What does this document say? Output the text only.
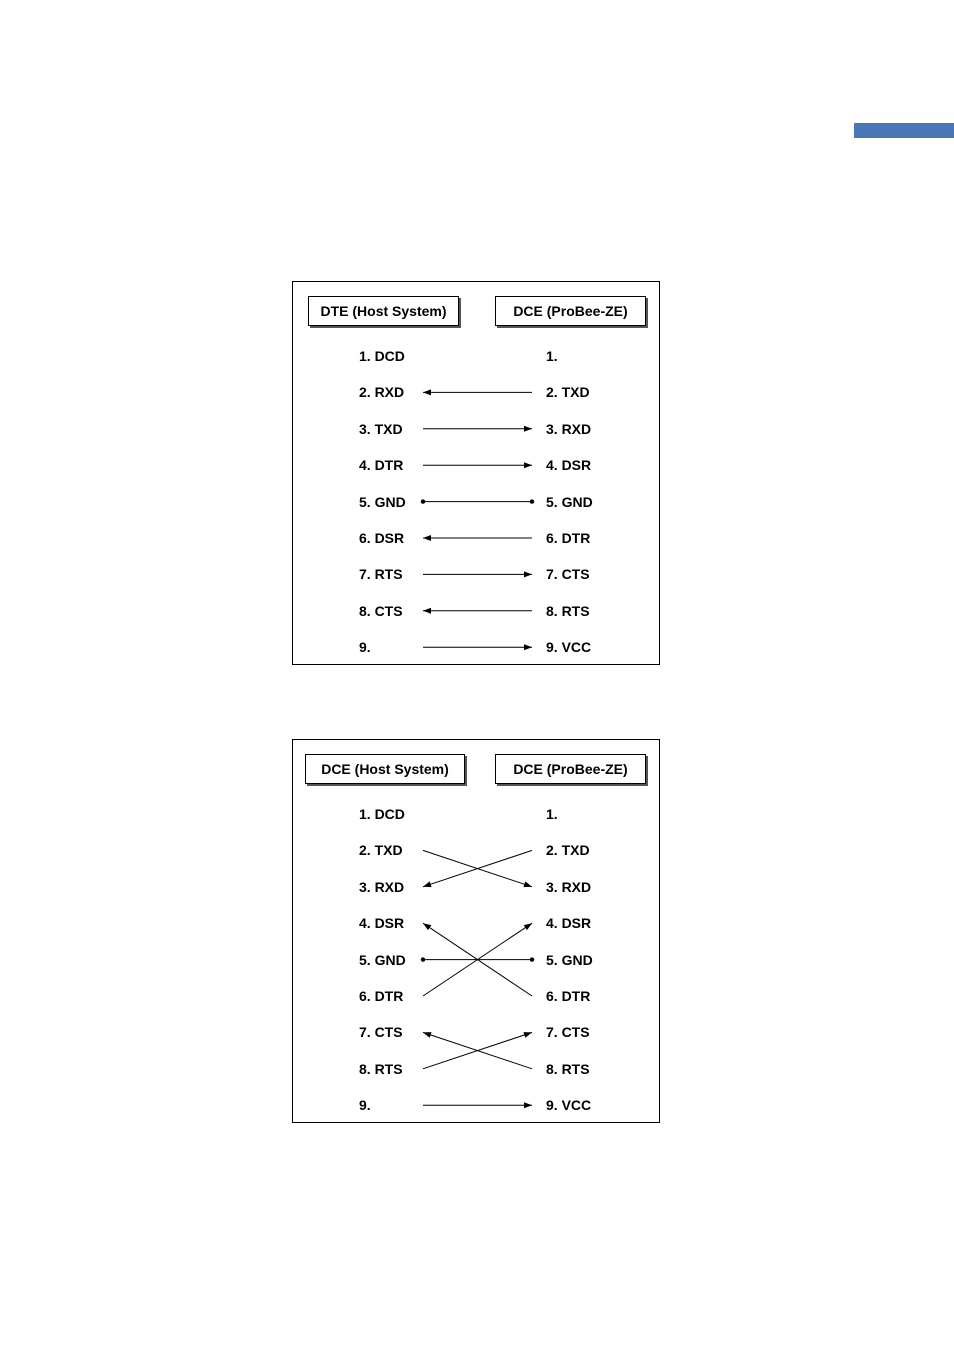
DTE (Host System)	DCE (ProBee-ZE)
1. DCD
2. RXD
3. TXD
4. DTR
5. GND
6. DSR
7. RTS
8. CTS
9.
1.
2. TXD
3. RXD
4. DSR
5. GND
6. DTR
7. CTS
8. RTS
9. VCC
DCE (Host System)	DCE (ProBee-ZE)
1. DCD
2. TXD
3. RXD
4. DSR
5. GND
6. DTR
7. CTS
8. RTS
9.
1.
2. TXD
3. RXD
4. DSR
5. GND
6. DTR
7. CTS
8. RTS
9. VCC
